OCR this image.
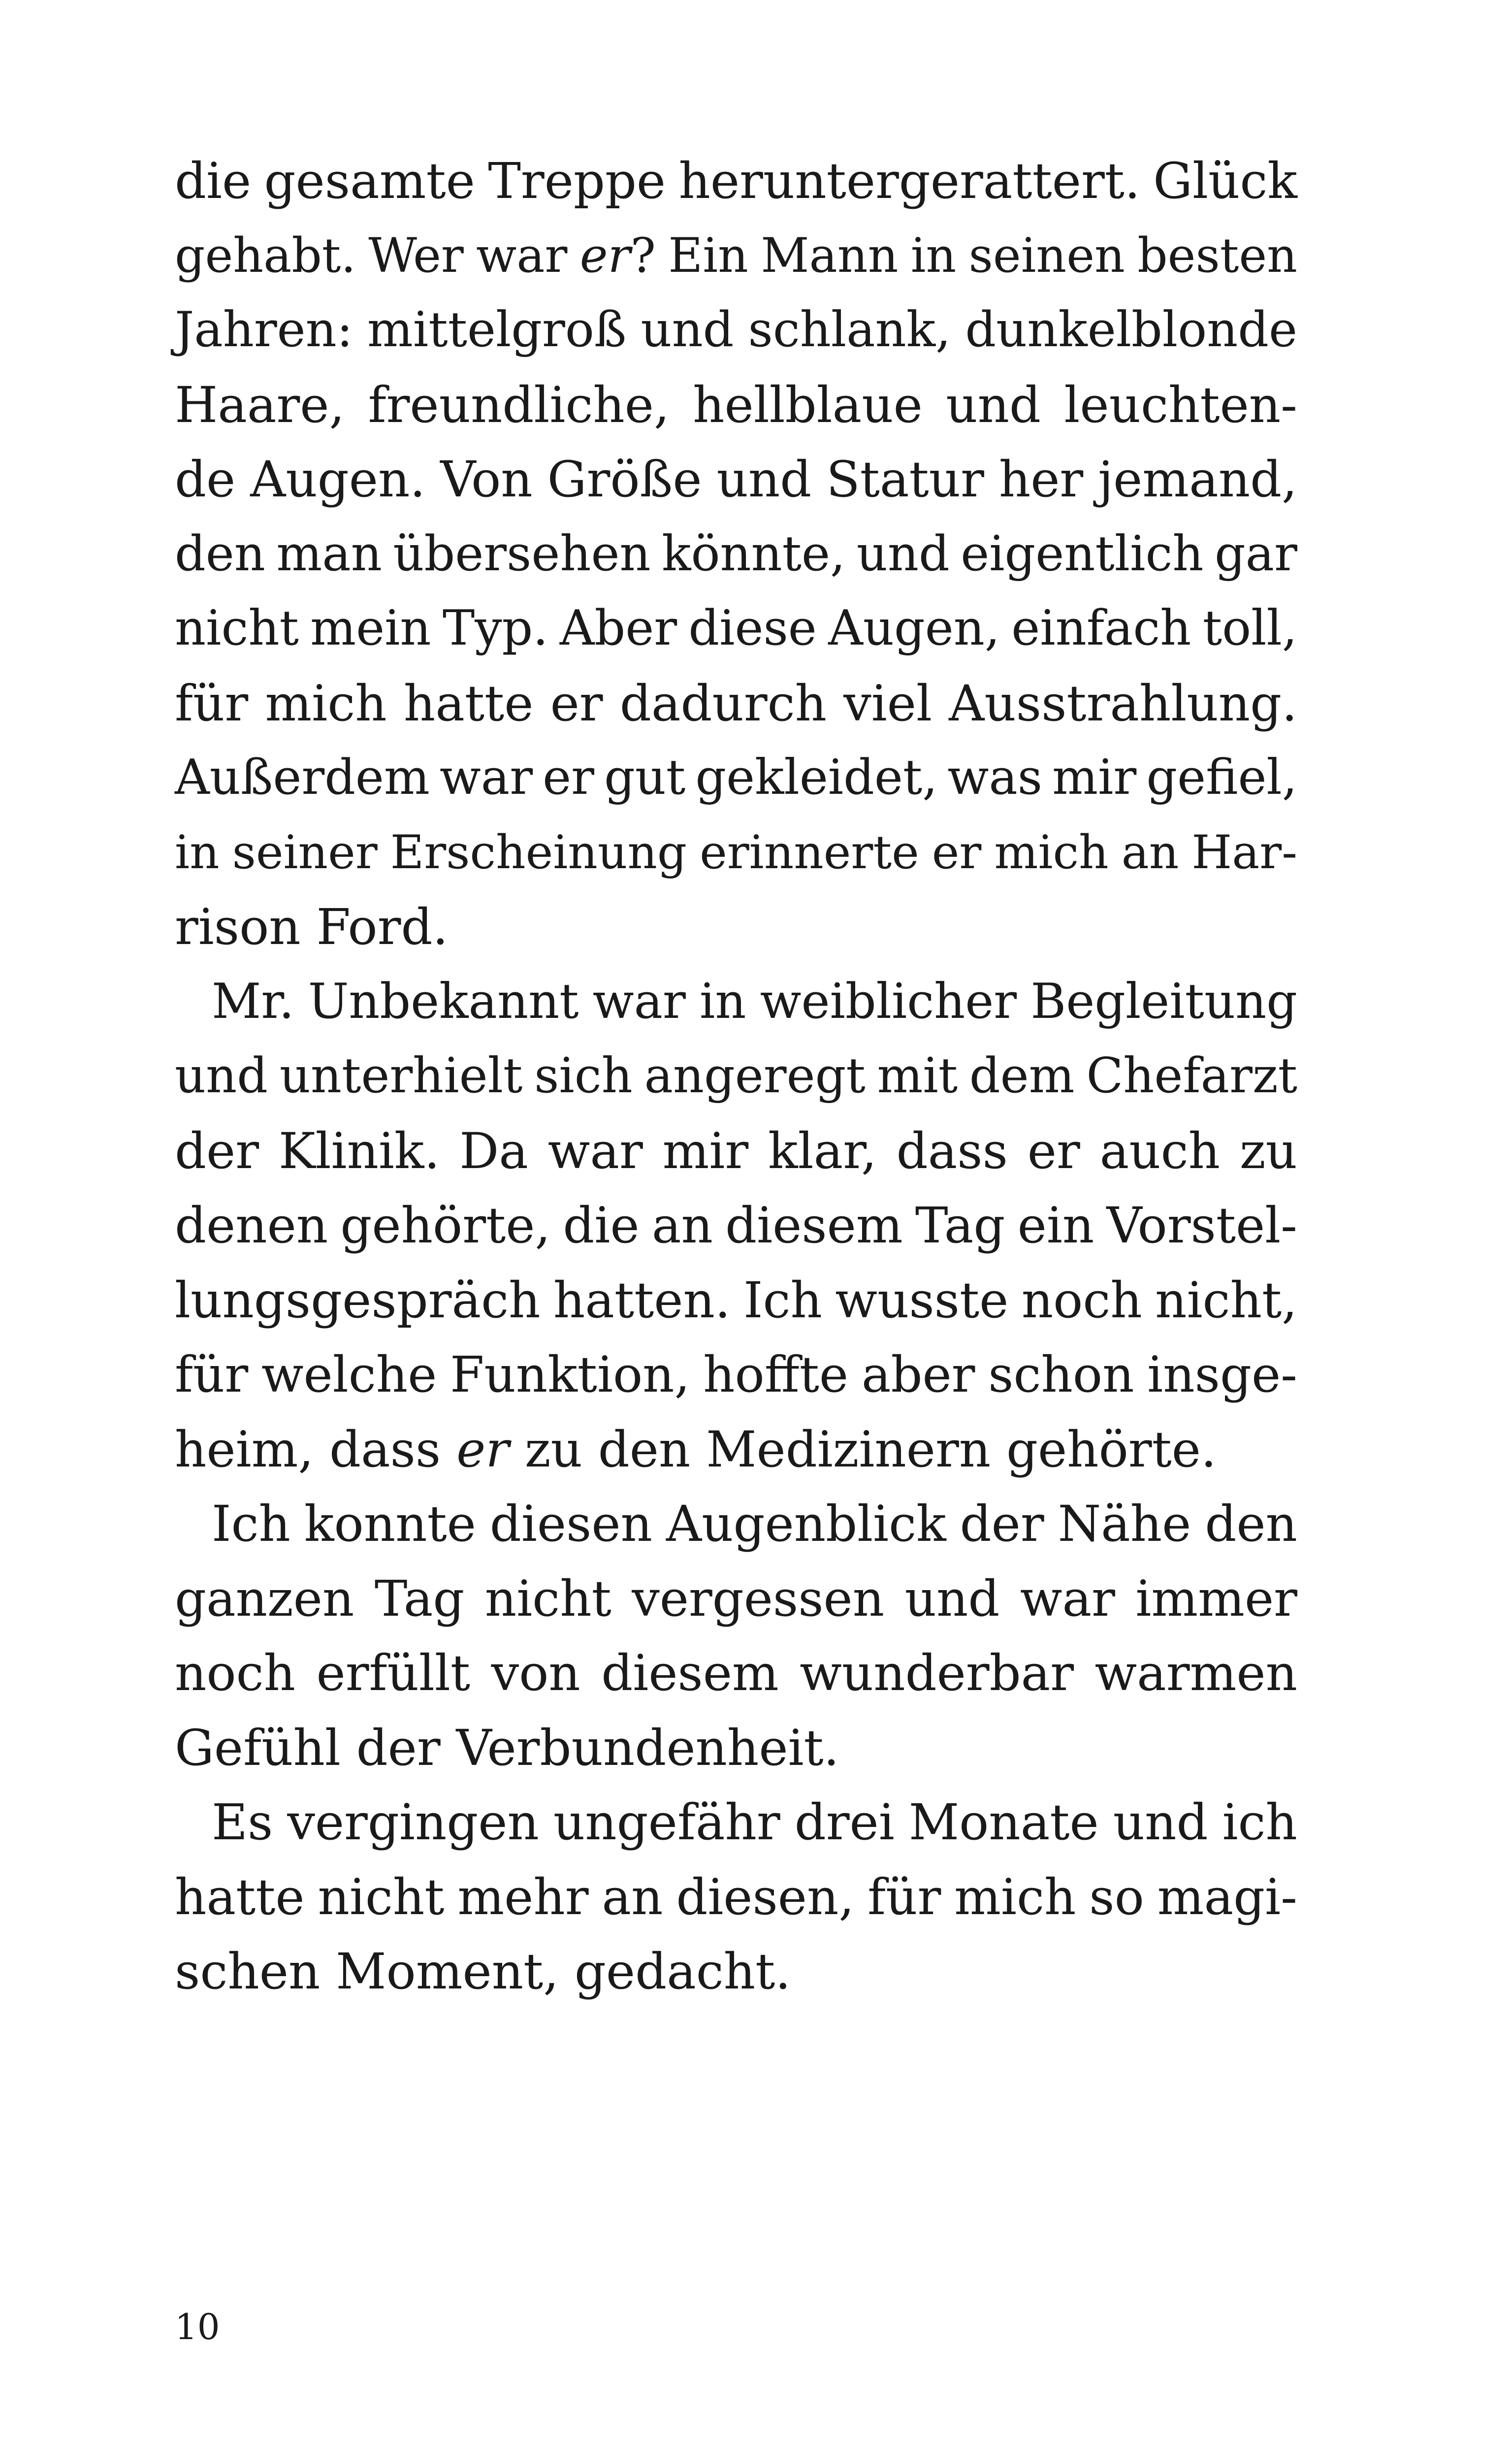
die gesamte Treppe heruntergerattert. Glück
gehabt. Wer war er? Ein Mann in seinen besten
Jahren: mittelgroß und schlank, dunkelblonde
Haare, freundliche, hellblaue und leuchten-
de Augen. Von Größe und Statur her jemand,
den man übersehen könnte, und eigentlich gar
nicht mein Typ. Aber diese Augen, einfach toll,
für mich hatte er dadurch viel Ausstrahlung.
Außerdem war er gut gekleidet, was mir gefiel,
in seiner Erscheinung erinnerte er mich an Har-
rison
Ford.
Mr. Unbekannt war in weiblicher Begleitung
und unterhielt sich angeregt mit dem Chefarzt
der Klinik. Da war mir klar, dass er auch zu
denen gehörte, die an diesem Tag ein Vorstel-
lungsgespräch hatten. Ich wusste noch nicht,
für welche Funktion, hoffte aber schon insge-
heim,
dass
er
zu
den
Medizinern
gehörte.
Ich konnte diesen Augenblick der Nähe den
ganzen Tag nicht vergessen und war immer
noch erfüllt von diesem wunderbar warmen
Gefühl
der
Verbundenheit.
Es vergingen ungefähr drei Monate und ich
hatte nicht mehr an diesen, für mich so magi-
schen
Moment,
gedacht.
10
